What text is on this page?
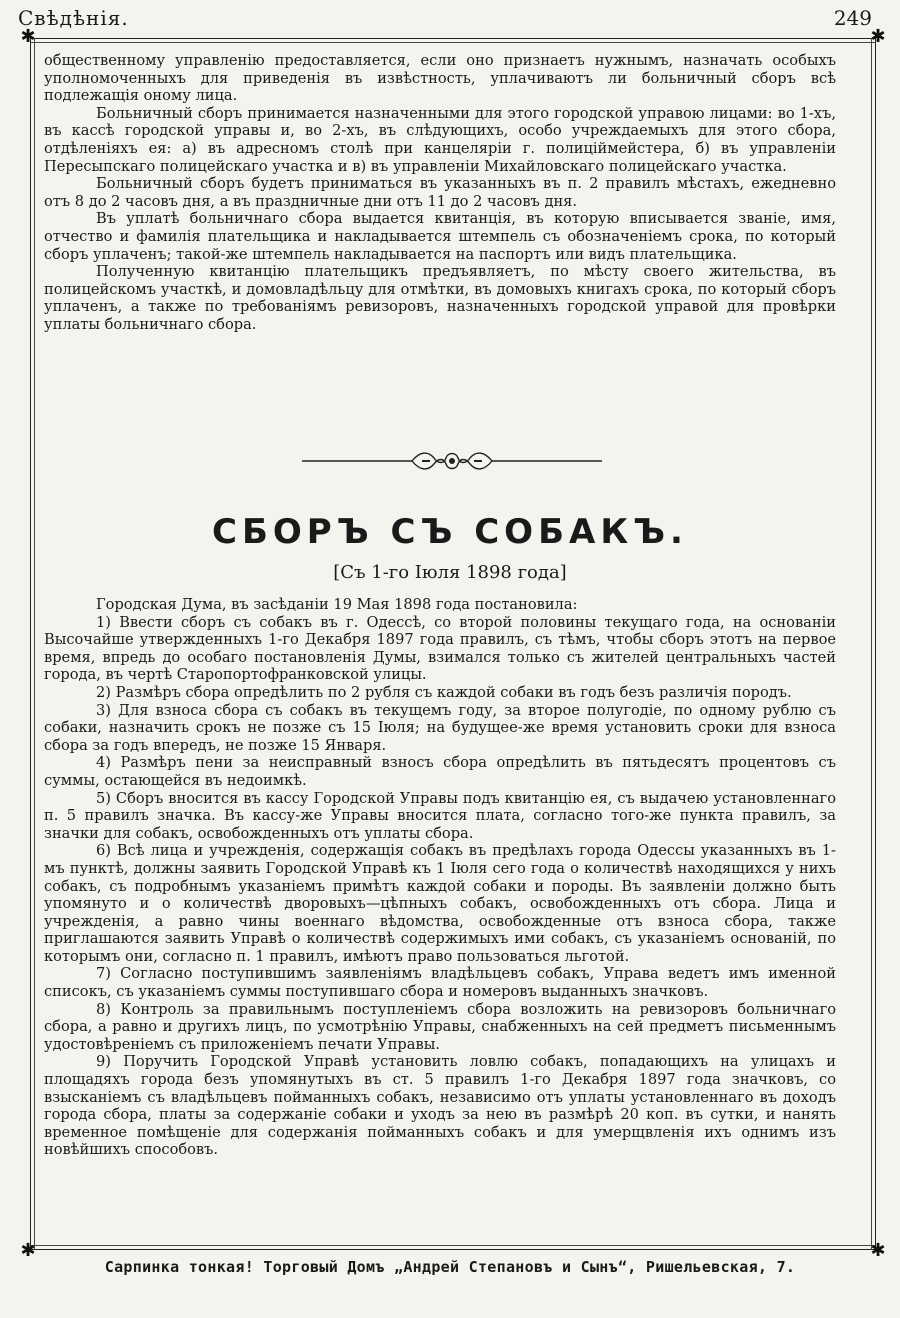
Свѣдѣнія.	249
✱	✱
✱	✱

общественному управленію предоставляется, если оно признаетъ нужнымъ, назначать особыхъ уполномоченныхъ для приведенія въ извѣстность, уплачиваютъ ли больничный сборъ всѣ подлежащія оному лица.

Больничный сборъ принимается назначенными для этого городской управою лицами: во 1-хъ, въ кассѣ городской управы и, во 2-хъ, въ слѣдующихъ, особо учреждаемыхъ для этого сбора, отдѣленіяхъ ея: а) въ адресномъ столѣ при канцеляріи г. полиціймейстера, б) въ управленіи Пересыпскаго полицейскаго участка и в) въ управленіи Михайловскаго полицейскаго участка.

Больничный сборъ будетъ приниматься въ указанныхъ въ п. 2 правилъ мѣстахъ, ежедневно отъ 8 до 2 часовъ дня, а въ праздничные дни отъ 11 до 2 часовъ дня.

Въ уплатѣ больничнаго сбора выдается квитанція, въ которую вписывается званіе, имя, отчество и фамилія плательщика и накладывается штемпель съ обозначеніемъ срока, по который сборъ уплаченъ; такой-же штемпель накладывается на паспортъ или видъ плательщика.

Полученную квитанцію плательщикъ предъявляетъ, по мѣсту своего жительства, въ полицейскомъ участкѣ, и домовладѣльцу для отмѣтки, въ домовыхъ книгахъ срока, по который сборъ уплаченъ, а также по требованіямъ ревизоровъ, назначенныхъ городской управой для провѣрки уплаты больничнаго сбора.

СБОРЪ СЪ СОБАКЪ.
[Съ 1-го Іюля 1898 года]

Городская Дума, въ засѣданіи 19 Мая 1898 года постановила:

1) Ввести сборъ съ собакъ въ г. Одессѣ, со второй половины текущаго года, на основаніи Высочайше утвержденныхъ 1-го Декабря 1897 года правилъ, съ тѣмъ, чтобы сборъ этотъ на первое время, впредь до особаго постановленія Думы, взимался только съ жителей центральныхъ частей города, въ чертѣ Старопортофранковской улицы.

2) Размѣръ сбора опредѣлить по 2 рубля съ каждой собаки въ годъ безъ различія породъ.

3) Для взноса сбора съ собакъ въ текущемъ году, за второе полугодіе, по одному рублю съ собаки, назначить срокъ не позже съ 15 Іюля; на будущее-же время установить сроки для взноса сбора за годъ впередъ, не позже 15 Января.

4) Размѣръ пени за неисправный взносъ сбора опредѣлить въ пятьдесятъ процентовъ съ суммы, остающейся въ недоимкѣ.

5) Сборъ вносится въ кассу Городской Управы подъ квитанцію ея, съ выдачею установленнаго п. 5 правилъ значка. Въ кассу-же Управы вносится плата, согласно того-же пункта правилъ, за значки для собакъ, освобожденныхъ отъ уплаты сбора.

6) Всѣ лица и учрежденія, содержащія собакъ въ предѣлахъ города Одессы указанныхъ въ 1-мъ пунктѣ, должны заявить Городской Управѣ къ 1 Іюля сего года о количествѣ находящихся у нихъ собакъ, съ подробнымъ указаніемъ примѣтъ каждой собаки и породы. Въ заявленіи должно быть упомянуто и о количествѣ дворовыхъ—цѣпныхъ собакъ, освобожденныхъ отъ сбора. Лица и учрежденія, а равно чины военнаго вѣдомства, освобожденные отъ взноса сбора, также приглашаются заявить Управѣ о количествѣ содержимыхъ ими собакъ, съ указаніемъ основаній, по которымъ они, согласно п. 1 правилъ, имѣютъ право пользоваться льготой.

7) Согласно поступившимъ заявленіямъ владѣльцевъ собакъ, Управа ведетъ имъ именной списокъ, съ указаніемъ суммы поступившаго сбора и номеровъ выданныхъ значковъ.

8) Контроль за правильнымъ поступленіемъ сбора возложить на ревизоровъ больничнаго сбора, а равно и другихъ лицъ, по усмотрѣнію Управы, снабженныхъ на сей предметъ письменнымъ удостовѣреніемъ съ приложеніемъ печати Управы.

9) Поручить Городской Управѣ установить ловлю собакъ, попадающихъ на улицахъ и площадяхъ города безъ упомянутыхъ въ ст. 5 правилъ 1-го Декабря 1897 года значковъ, со взысканіемъ съ владѣльцевъ пойманныхъ собакъ, независимо отъ уплаты установленнаго въ доходъ города сбора, платы за содержаніе собаки и уходъ за нею въ размѣрѣ 20 коп. въ сутки, и нанять временное помѣщеніе для содержанія пойманныхъ собакъ и для умерщвленія ихъ однимъ изъ новѣйшихъ способовъ.

Сарпинка тонкая! Торговый Домъ „Андрей Степановъ и Сынъ“, Ришельевская, 7.
